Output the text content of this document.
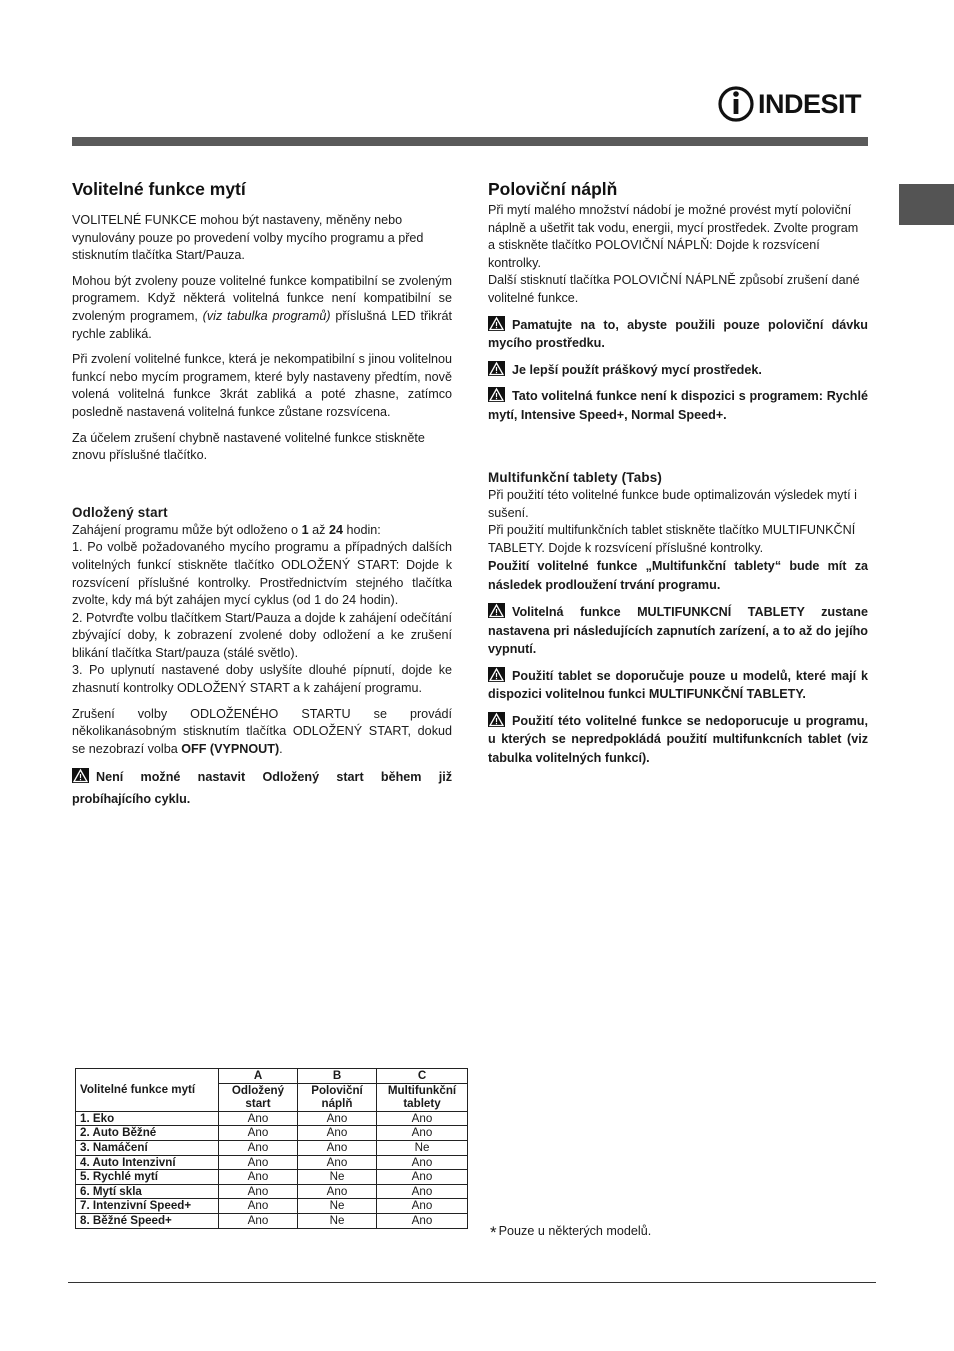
INDESIT
Volitelné funkce mytí

VOLITELNÉ FUNKCE mohou být nastaveny, měněny nebo vynulovány pouze po provedení volby mycího programu a před stisknutím tlačítka Start/Pauza.

Mohou být zvoleny pouze volitelné funkce kompatibilní se zvoleným programem. Když některá volitelná funkce není kompatibilní se zvoleným programem, (viz tabulka programů) příslušná LED třikrát rychle zabliká.

Při zvolení volitelné funkce, která je nekompatibilní s jinou volitelnou funkcí nebo mycím programem, které byly nastaveny předtím, nově volená volitelná funkce 3krát zabliká a poté zhasne, zatímco posledně nastavená volitelná funkce zůstane rozsvícena.

Za účelem zrušení chybně nastavené volitelné funkce stiskněte znovu příslušné tlačítko.

Odložený start
Zahájení programu může být odloženo o 1 až 24 hodin:
1. Po volbě požadovaného mycího programu a případných dalších volitelných funkcí stiskněte tlačítko ODLOŽENÝ START: Dojde k rozsvícení příslušné kontrolky. Prostřednictvím stejného tlačítka zvolte, kdy má být zahájen mycí cyklus (od 1 do 24 hodin).
2. Potvrďte volbu tlačítkem Start/Pauza a dojde k zahájení odečítání zbývající doby, k zobrazení zvolené doby odložení a ke zrušení blikání tlačítka Start/pauza (stálé světlo).

3. Po uplynutí nastavené doby uslyšíte dlouhé pípnutí, dojde ke zhasnutí kontrolky ODLOŽENÝ START a k zahájení programu.

Zrušení volby ODLOŽENÉHO STARTU se provádí několikanásobným stisknutím tlačítka ODLOŽENÝ START, dokud se nezobrazí volba OFF (VYPNOUT).

Není možné nastavit Odložený start během již probíhajícího cyklu.

Poloviční náplň
Při mytí malého množství nádobí je možné provést mytí poloviční náplně a ušetřit tak vodu, energii, mycí prostředek. Zvolte program a stiskněte tlačítko POLOVIČNÍ NÁPLŇ: Dojde k rozsvícení kontrolky.

Další stisknutí tlačítka POLOVIČNÍ NÁPLNĚ způsobí zrušení dané volitelné funkce.

Pamatujte na to, abyste použili pouze poloviční dávku mycího prostředku.

Je lepší použít práškový mycí prostředek.

Tato volitelná funkce není k dispozici s programem: Rychlé mytí, Intensive Speed+, Normal Speed+.

Multifunkční tablety (Tabs)
Při použití této volitelné funkce bude optimalizován výsledek mytí i sušení.
Při použití multifunkčních tablet stiskněte tlačítko MULTIFUNKČNÍ TABLETY. Dojde k rozsvícení příslušné kontrolky.

Použití volitelné funkce „Multifunkční tablety“ bude mít za následek prodloužení trvání programu.

Volitelná funkce MULTIFUNKCNÍ TABLETY zustane nastavena pri následujících zapnutích zarízení, a to až do jejího vypnutí.

Použití tablet se doporučuje pouze u modelů, které mají k dispozici volitelnou funkci MULTIFUNKČNÍ TABLETY.

Použití této volitelné funkce se nedoporucuje u programu, u kterých se nepredpokládá použití multifunkcních tablet (viz tabulka volitelných funkcí).

Volitelné funkce mytí	A	B	C
	Odložený start	Poloviční náplň	Multifunkční tablety
1. Eko	Ano	Ano	Ano
2. Auto Běžné	Ano	Ano	Ano
3. Namáčení	Ano	Ano	Ne
4. Auto Intenzivní	Ano	Ano	Ano
5. Rychlé mytí	Ano	Ne	Ano
6. Mytí skla	Ano	Ano	Ano
7. Intenzivní Speed+	Ano	Ne	Ano
8. Běžné Speed+	Ano	Ne	Ano
* Pouze u některých modelů.
